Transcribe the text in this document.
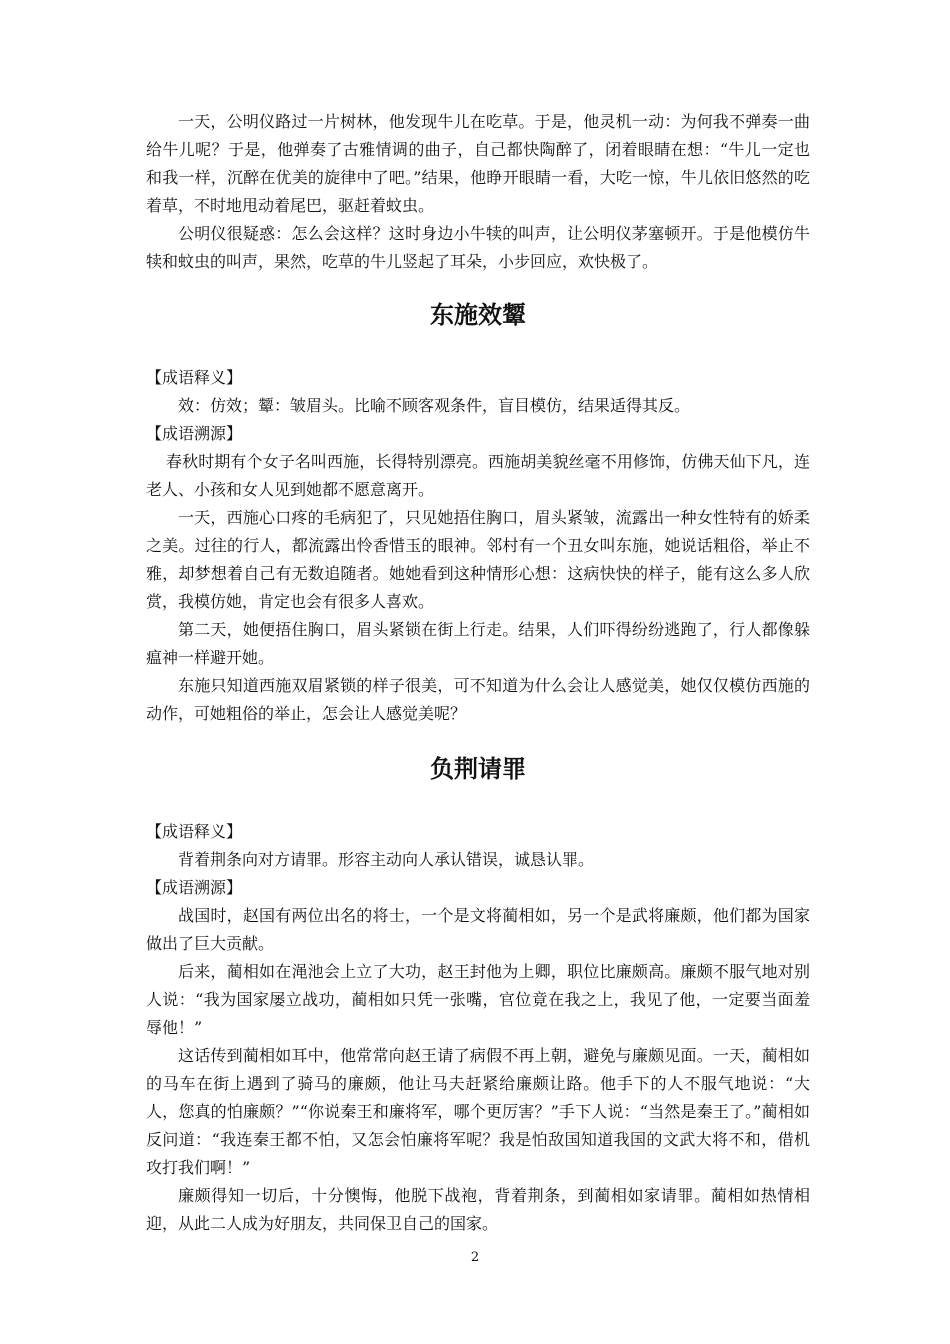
一天，公明仪路过一片树林，他发现牛儿在吃草。于是，他灵机一动：为何我不弹奏一曲给牛儿呢？于是，他弹奏了古雅情调的曲子，自己都快陶醉了，闭着眼睛在想：“牛儿一定也和我一样，沉醉在优美的旋律中了吧。”结果，他睁开眼睛一看，大吃一惊，牛儿依旧悠然的吃着草，不时地甩动着尾巴，驱赶着蚊虫。

公明仪很疑惑：怎么会这样？这时身边小牛犊的叫声，让公明仪茅塞顿开。于是他模仿牛犊和蚊虫的叫声，果然，吃草的牛儿竖起了耳朵，小步回应，欢快极了。

东施效颦

【成语释义】

效：仿效；颦：皱眉头。比喻不顾客观条件，盲目模仿，结果适得其反。

【成语溯源】

春秋时期有个女子名叫西施，长得特别漂亮。西施胡美貌丝毫不用修饰，仿佛天仙下凡，连老人、小孩和女人见到她都不愿意离开。

一天，西施心口疼的毛病犯了，只见她捂住胸口，眉头紧皱，流露出一种女性特有的娇柔之美。过往的行人，都流露出怜香惜玉的眼神。邻村有一个丑女叫东施，她说话粗俗，举止不雅，却梦想着自己有无数追随者。她她看到这种情形心想：这病快快的样子，能有这么多人欣赏，我模仿她，肯定也会有很多人喜欢。

第二天，她便捂住胸口，眉头紧锁在街上行走。结果，人们吓得纷纷逃跑了，行人都像躲瘟神一样避开她。

东施只知道西施双眉紧锁的样子很美，可不知道为什么会让人感觉美，她仅仅模仿西施的动作，可她粗俗的举止，怎会让人感觉美呢？

负荆请罪

【成语释义】

背着荆条向对方请罪。形容主动向人承认错误，诚恳认罪。

【成语溯源】

战国时，赵国有两位出名的将士，一个是文将蔺相如，另一个是武将廉颇，他们都为国家做出了巨大贡献。

后来，蔺相如在渑池会上立了大功，赵王封他为上卿，职位比廉颇高。廉颇不服气地对别人说：“我为国家屡立战功，蔺相如只凭一张嘴，官位竟在我之上，我见了他，一定要当面羞辱他！”

这话传到蔺相如耳中，他常常向赵王请了病假不再上朝，避免与廉颇见面。一天，蔺相如的马车在街上遇到了骑马的廉颇，他让马夫赶紧给廉颇让路。他手下的人不服气地说：“大人，您真的怕廉颇？”“你说秦王和廉将军，哪个更厉害？”手下人说：“当然是秦王了。”蔺相如反问道：“我连秦王都不怕，又怎会怕廉将军呢？我是怕敌国知道我国的文武大将不和，借机攻打我们啊！”

廉颇得知一切后，十分懊悔，他脱下战袍，背着荆条，到蔺相如家请罪。蔺相如热情相迎，从此二人成为好朋友，共同保卫自己的国家。

2
